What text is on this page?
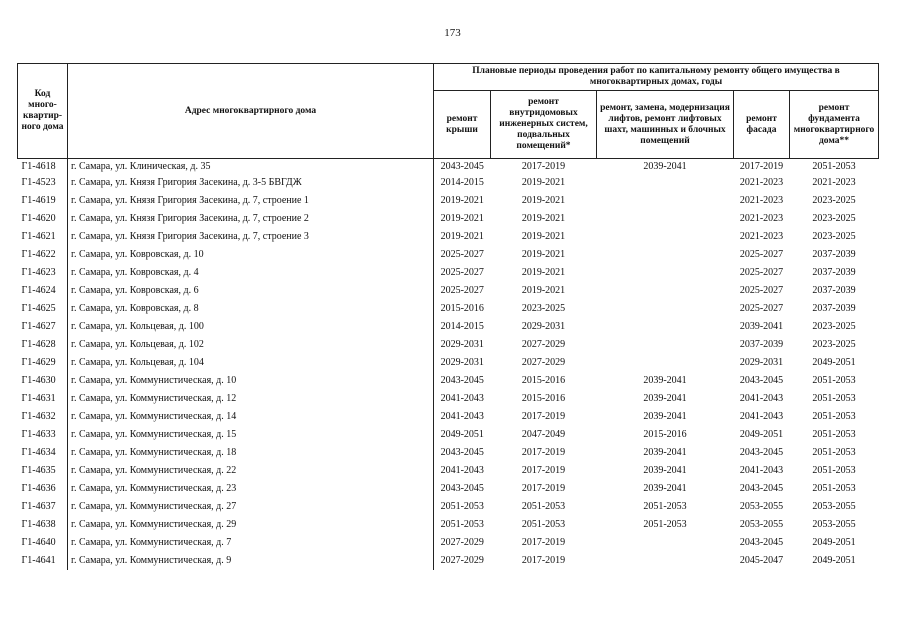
173
Код много-квартир-ного дома	Адрес многоквартирного дома	Плановые периоды проведения работ по капитальному ремонту общего имущества в многоквартирных домах, годы				
		ремонт крыши	ремонт внутридомовых инженерных систем, подвальных помещений*	ремонт, замена, модернизация лифтов, ремонт лифтовых шахт, машинных и блочных помещений	ремонт фасада	ремонт фундамента многоквартирного дома**
Г1-4618	г. Самара, ул. Клиническая, д. 35	2043-2045	2017-2019	2039-2041	2017-2019	2051-2053
Г1-4523	г. Самара, ул. Князя Григория Засекина, д. 3-5 БВГДЖ	2014-2015	2019-2021		2021-2023	2021-2023
Г1-4619	г. Самара, ул. Князя Григория Засекина, д. 7, строение 1	2019-2021	2019-2021		2021-2023	2023-2025
Г1-4620	г. Самара, ул. Князя Григория Засекина, д. 7, строение 2	2019-2021	2019-2021		2021-2023	2023-2025
Г1-4621	г. Самара, ул. Князя Григория Засекина, д. 7, строение 3	2019-2021	2019-2021		2021-2023	2023-2025
Г1-4622	г. Самара, ул. Ковровская, д. 10	2025-2027	2019-2021		2025-2027	2037-2039
Г1-4623	г. Самара, ул. Ковровская, д. 4	2025-2027	2019-2021		2025-2027	2037-2039
Г1-4624	г. Самара, ул. Ковровская, д. 6	2025-2027	2019-2021		2025-2027	2037-2039
Г1-4625	г. Самара, ул. Ковровская, д. 8	2015-2016	2023-2025		2025-2027	2037-2039
Г1-4627	г. Самара, ул. Кольцевая, д. 100	2014-2015	2029-2031		2039-2041	2023-2025
Г1-4628	г. Самара, ул. Кольцевая, д. 102	2029-2031	2027-2029		2037-2039	2023-2025
Г1-4629	г. Самара, ул. Кольцевая, д. 104	2029-2031	2027-2029		2029-2031	2049-2051
Г1-4630	г. Самара, ул. Коммунистическая, д. 10	2043-2045	2015-2016	2039-2041	2043-2045	2051-2053
Г1-4631	г. Самара, ул. Коммунистическая, д. 12	2041-2043	2015-2016	2039-2041	2041-2043	2051-2053
Г1-4632	г. Самара, ул. Коммунистическая, д. 14	2041-2043	2017-2019	2039-2041	2041-2043	2051-2053
Г1-4633	г. Самара, ул. Коммунистическая, д. 15	2049-2051	2047-2049	2015-2016	2049-2051	2051-2053
Г1-4634	г. Самара, ул. Коммунистическая, д. 18	2043-2045	2017-2019	2039-2041	2043-2045	2051-2053
Г1-4635	г. Самара, ул. Коммунистическая, д. 22	2041-2043	2017-2019	2039-2041	2041-2043	2051-2053
Г1-4636	г. Самара, ул. Коммунистическая, д. 23	2043-2045	2017-2019	2039-2041	2043-2045	2051-2053
Г1-4637	г. Самара, ул. Коммунистическая, д. 27	2051-2053	2051-2053	2051-2053	2053-2055	2053-2055
Г1-4638	г. Самара, ул. Коммунистическая, д. 29	2051-2053	2051-2053	2051-2053	2053-2055	2053-2055
Г1-4640	г. Самара, ул. Коммунистическая, д. 7	2027-2029	2017-2019		2043-2045	2049-2051
Г1-4641	г. Самара, ул. Коммунистическая, д. 9	2027-2029	2017-2019		2045-2047	2049-2051
